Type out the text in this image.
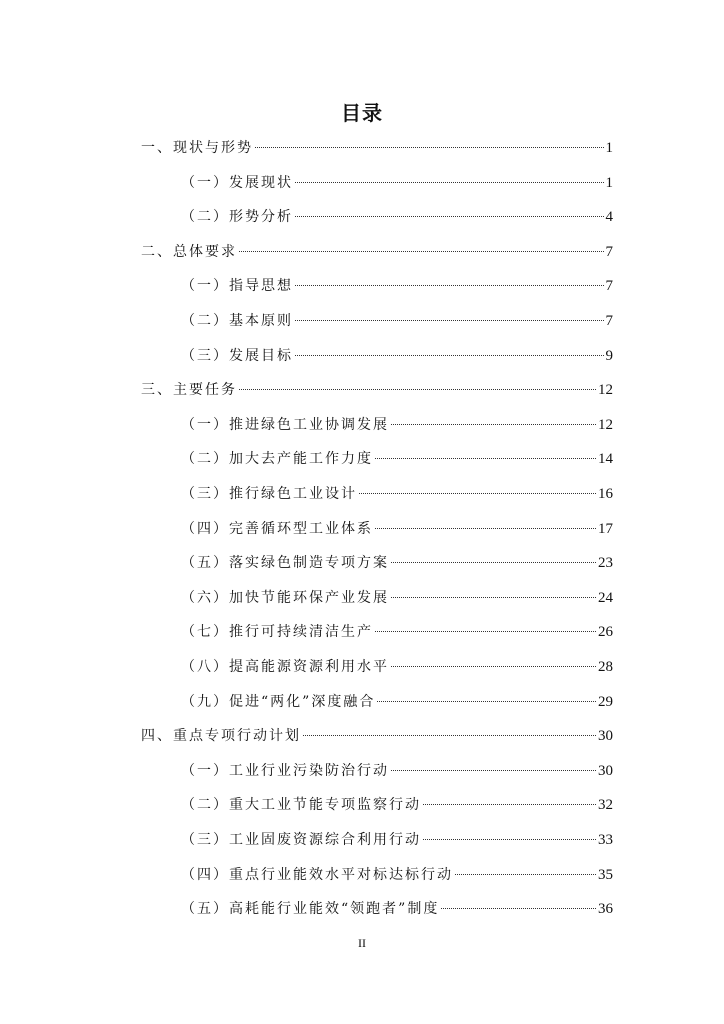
目录
一、现状与形势	1
（一）发展现状	1
（二）形势分析	4
二、总体要求	7
（一）指导思想	7
（二）基本原则	7
（三）发展目标	9
三、主要任务	12
（一）推进绿色工业协调发展	12
（二）加大去产能工作力度	14
（三）推行绿色工业设计	16
（四）完善循环型工业体系	17
（五）落实绿色制造专项方案	23
（六）加快节能环保产业发展	24
（七）推行可持续清洁生产	26
（八）提高能源资源利用水平	28
（九）促进“两化”深度融合	29
四、重点专项行动计划	30
（一）工业行业污染防治行动	30
（二）重大工业节能专项监察行动	32
（三）工业固废资源综合利用行动	33
（四）重点行业能效水平对标达标行动	35
（五）高耗能行业能效“领跑者”制度	36
II
